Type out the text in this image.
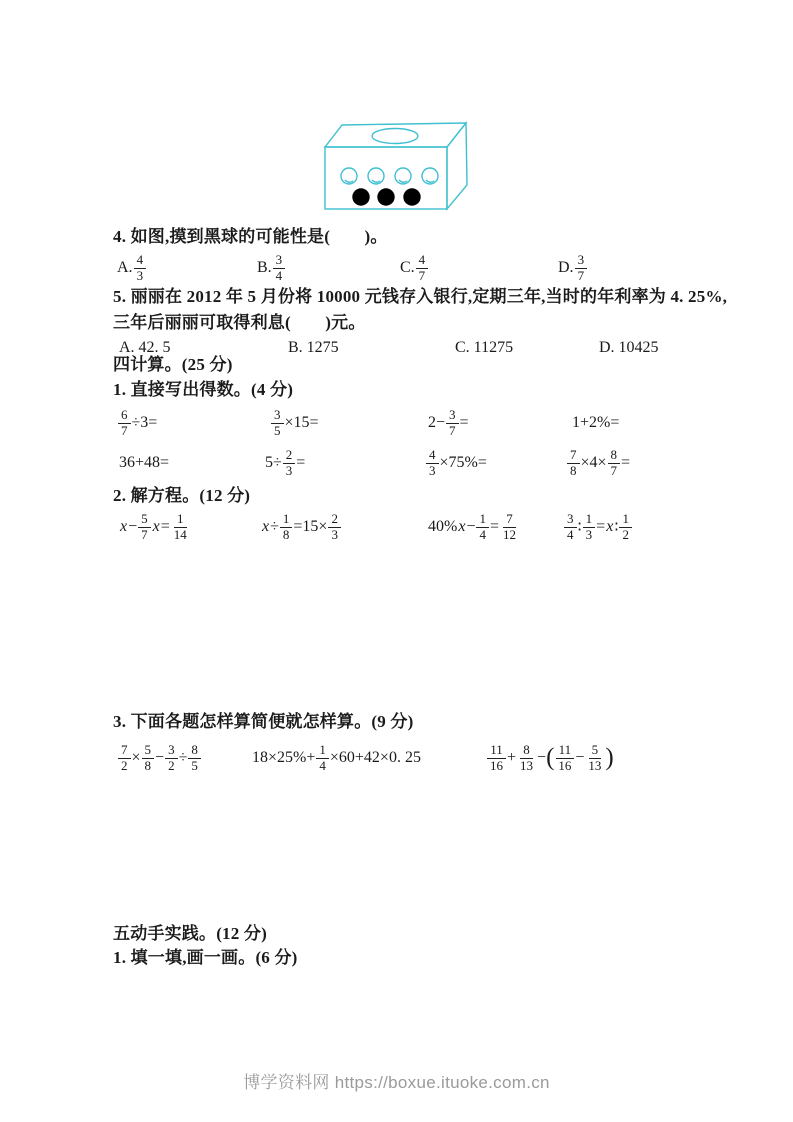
4. 如图,摸到黑球的可能性是(　　)。
A. $\frac{4}{3}$	B. $\frac{3}{4}$	C. $\frac{4}{7}$	D. $\frac{3}{7}$
5. 丽丽在 2012 年 5 月份将 10000 元钱存入银行,定期三年,当时的年利率为 4. 25%,
三年后丽丽可取得利息(　　)元。
A. 42. 5	B. 1275	C. 11275	D. 10425
四计算。(25 分)
1. 直接写出得数。(4 分)
$\frac{6}{7} \div 3=$	$\frac{3}{5} \times 15=$	$2- \frac{3}{7}$ =	1+2%=
36+48=	$5\div \frac{2}{3}$ =	$\frac{4}{3} \times 75\%=$	$\frac{7}{8} \times 4\times \frac{8}{7}$ =
2. 解方程。(12 分)
$x - \frac{5}{7}$ $x = \frac{1}{14}$	$x \div \frac{1}{8} =15\times \frac{2}{3}$	40% $x - \frac{1}{4} = \frac{7}{12}$	$\frac{3}{4}$ ∶ $\frac{1}{3} = x$ ∶ $\frac{1}{2}$
3. 下面各题怎样算简便就怎样算。(9 分)
$\frac{7}{2} \times \frac{5}{8} - \frac{3}{2} \div \frac{8}{5}$	$18\times 25\%+ \frac{1}{4} \times 60+42\times 0$. 25	$\frac{11}{16} + \frac{8}{13}$ − ( $\frac{11}{16} - \frac{5}{13}$ )
五动手实践。(12 分)
1. 填一填,画一画。(6 分)
博学资料网 https://boxue.ituoke.com.cn
